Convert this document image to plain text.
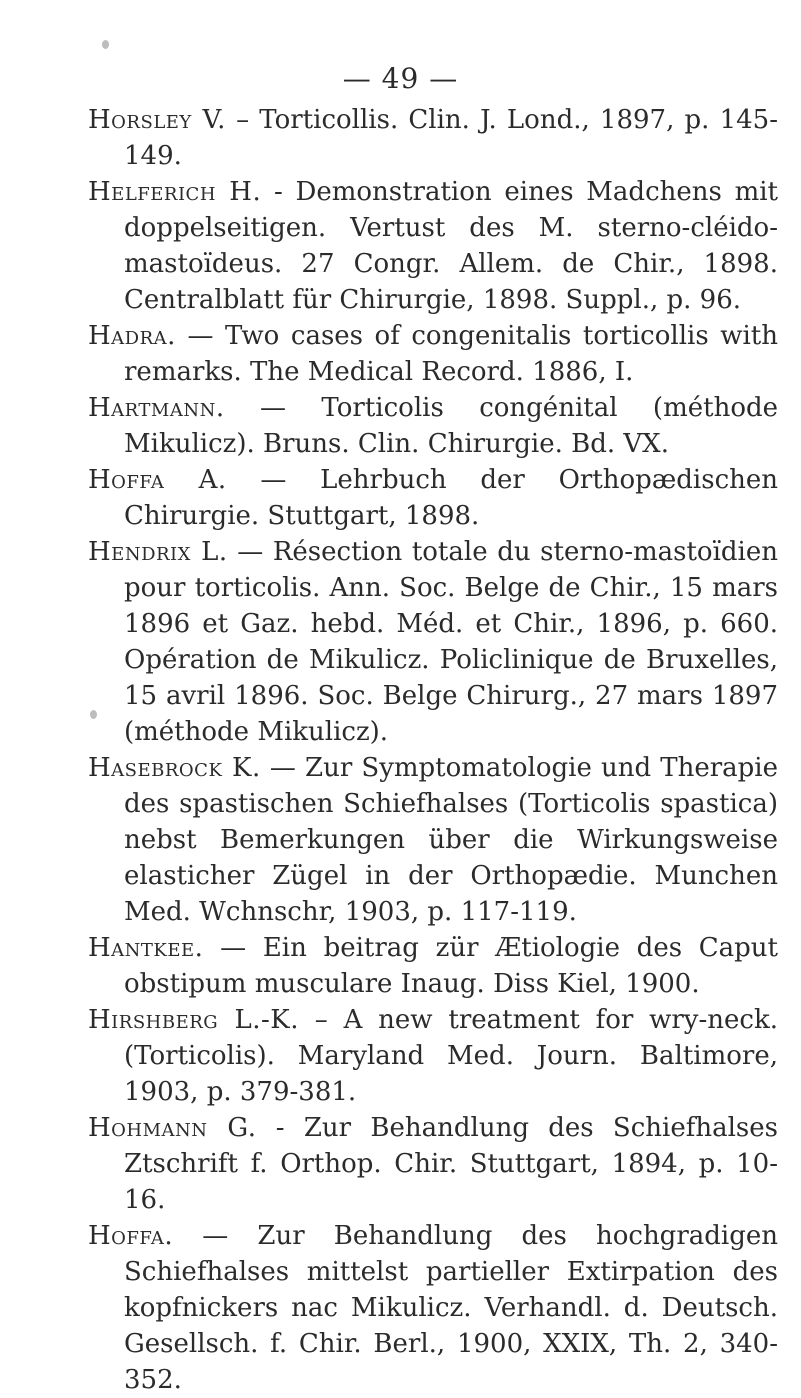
— 49 —

Horsley V. – Torticollis. Clin. J. Lond., 1897, p. 145-149.

Helferich H. - Demonstration eines Madchens mit doppelseitigen. Vertust des M. sterno-cléido-mastoïdeus. 27 Congr. Allem. de Chir., 1898. Centralblatt für Chirurgie, 1898. Suppl., p. 96.

Hadra. — Two cases of congenitalis torticollis with remarks. The Medical Record. 1886, I.

Hartmann. — Torticolis congénital (méthode Mikulicz). Bruns. Clin. Chirurgie. Bd. VX.

Hoffa A. — Lehrbuch der Orthopædischen Chirurgie. Stuttgart, 1898.

Hendrix L. — Résection totale du sterno-mastoïdien pour torticolis. Ann. Soc. Belge de Chir., 15 mars 1896 et Gaz. hebd. Méd. et Chir., 1896, p. 660. Opération de Mikulicz. Policlinique de Bruxelles, 15 avril 1896. Soc. Belge Chirurg., 27 mars 1897 (méthode Mikulicz).

Hasebrock K. — Zur Symptomatologie und Therapie des spastischen Schiefhalses (Torticolis spastica) nebst Bemerkungen über die Wirkungsweise elasticher Zügel in der Orthopædie. Munchen Med. Wchnschr, 1903, p. 117-119.

Hantkee. — Ein beitrag zür Ætiologie des Caput obstipum musculare Inaug. Diss Kiel, 1900.

Hirshberg L.-K. – A new treatment for wry-neck. (Torticolis). Maryland Med. Journ. Baltimore, 1903, p. 379-381.

Hohmann G. - Zur Behandlung des Schiefhalses Ztschrift f. Orthop. Chir. Stuttgart, 1894, p. 10-16.

Hoffa. — Zur Behandlung des hochgradigen Schiefhalses mittelst partieller Extirpation des kopfnickers nac Mikulicz. Verhandl. d. Deutsch. Gesellsch. f. Chir. Berl., 1900, XXIX, Th. 2, 340-352.
